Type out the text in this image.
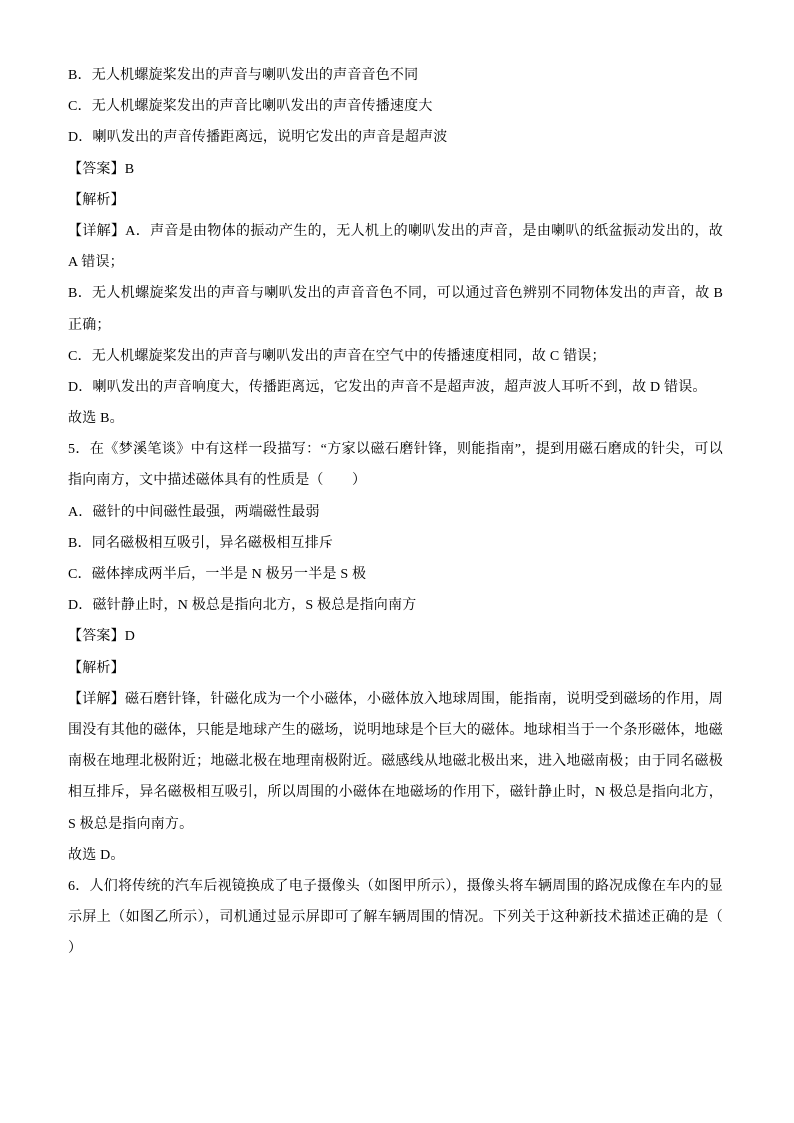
B．无人机螺旋桨发出的声音与喇叭发出的声音音色不同
C．无人机螺旋桨发出的声音比喇叭发出的声音传播速度大
D．喇叭发出的声音传播距离远，说明它发出的声音是超声波
【答案】B
【解析】
【详解】A．声音是由物体的振动产生的，无人机上的喇叭发出的声音，是由喇叭的纸盆振动发出的，故
A 错误；
B．无人机螺旋桨发出的声音与喇叭发出的声音音色不同，可以通过音色辨别不同物体发出的声音，故 B
正确；
C．无人机螺旋桨发出的声音与喇叭发出的声音在空气中的传播速度相同，故 C 错误；
D．喇叭发出的声音响度大，传播距离远，它发出的声音不是超声波，超声波人耳听不到，故 D 错误。
故选 B。
5．在《梦溪笔谈》中有这样一段描写：“方家以磁石磨针锋，则能指南”，提到用磁石磨成的针尖，可以
指向南方，文中描述磁体具有的性质是（　　）
A．磁针的中间磁性最强，两端磁性最弱
B．同名磁极相互吸引，异名磁极相互排斥
C．磁体摔成两半后，一半是 N 极另一半是 S 极
D．磁针静止时，N 极总是指向北方，S 极总是指向南方
【答案】D
【解析】
【详解】磁石磨针锋，针磁化成为一个小磁体，小磁体放入地球周围，能指南，说明受到磁场的作用，周
围没有其他的磁体，只能是地球产生的磁场，说明地球是个巨大的磁体。地球相当于一个条形磁体，地磁
南极在地理北极附近；地磁北极在地理南极附近。磁感线从地磁北极出来，进入地磁南极；由于同名磁极
相互排斥，异名磁极相互吸引，所以周围的小磁体在地磁场的作用下，磁针静止时，N 极总是指向北方，
S 极总是指向南方。
故选 D。
6．人们将传统的汽车后视镜换成了电子摄像头（如图甲所示），摄像头将车辆周围的路况成像在车内的显
示屏上（如图乙所示），司机通过显示屏即可了解车辆周围的情况。下列关于这种新技术描述正确的是（
）
